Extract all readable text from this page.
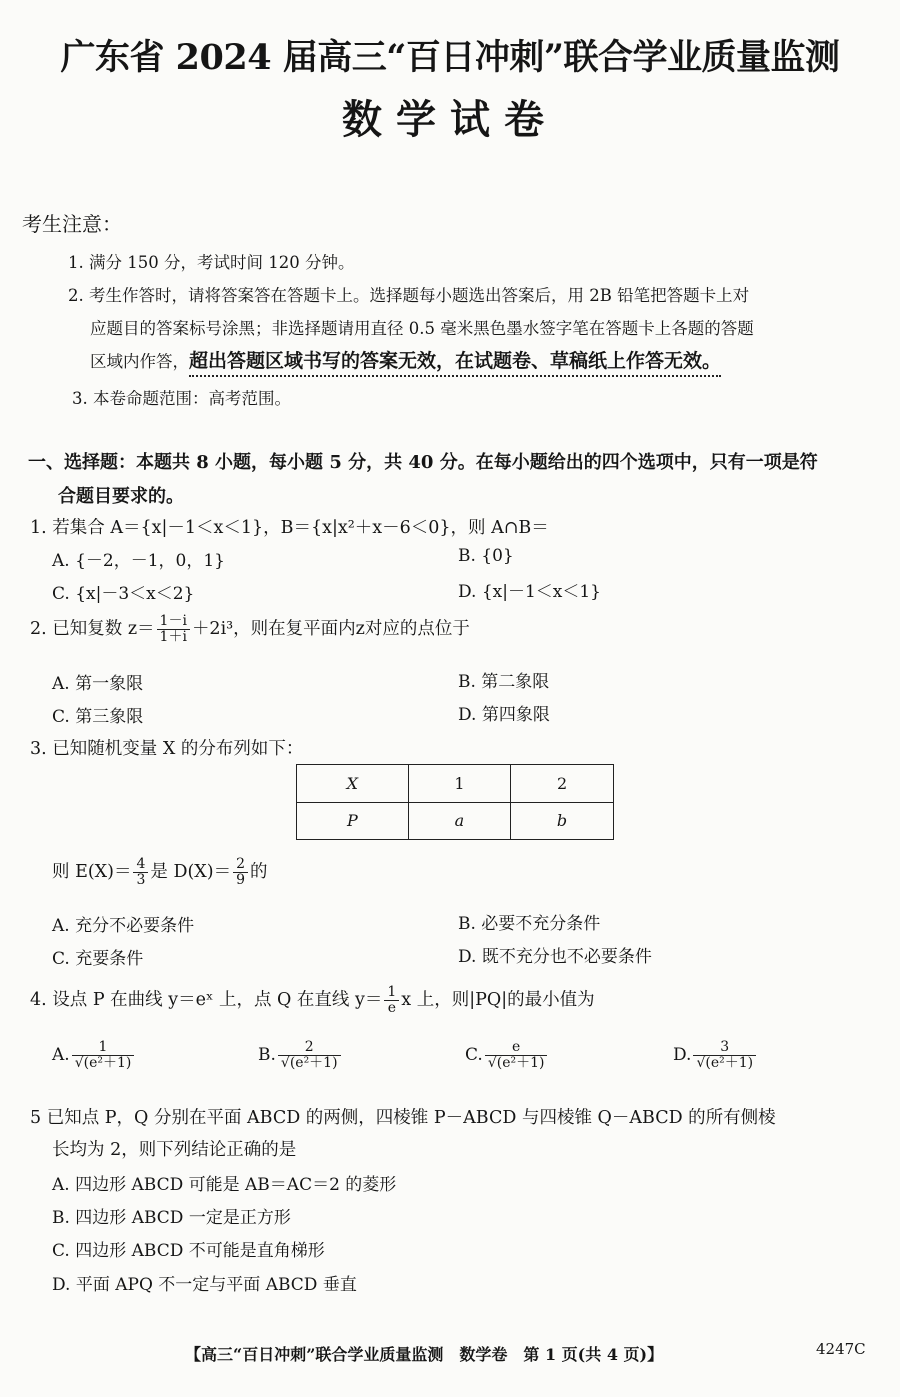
广东省 2024 届高三“百日冲刺”联合学业质量监测
数学试卷
考生注意：
1. 满分 150 分，考试时间 120 分钟。
2. 考生作答时，请将答案答在答题卡上。选择题每小题选出答案后，用 2B 铅笔把答题卡上对
应题目的答案标号涂黑；非选择题请用直径 0.5 毫米黑色墨水签字笔在答题卡上各题的答题
区域内作答，超出答题区域书写的答案无效，在试题卷、草稿纸上作答无效。
3. 本卷命题范围：高考范围。
一、选择题：本题共 8 小题，每小题 5 分，共 40 分。在每小题给出的四个选项中，只有一项是符
合题目要求的。
1. 若集合 A＝{x|－1＜x＜1}，B＝{x|x²＋x－6＜0}，则 A∩B＝
A. {－2，－1，0，1}	B. {0}
C. {x|－3＜x＜2}	D. {x|－1＜x＜1}
2. 已知复数 $z= \frac{1-i}{1+i} +2i^3$，则在复平面内z对应的点位于
A. 第一象限	B. 第二象限
C. 第三象限	D. 第四象限
3. 已知随机变量 X 的分布列如下：
X	1	2
P	a	b
则 $E(X)= \frac{4}{3}$ 是 $D(X)= \frac{2}{9}$ 的
A. 充分不必要条件	B. 必要不充分条件
C. 充要条件	D. 既不充分也不必要条件
4. 设点 P 在曲线 y＝eˣ 上，点 Q 在直线 $y= \frac{1}{e}$ x 上，则|PQ|的最小值为
A. $\frac{1}{\text{√(e²＋1)}}$	B. $\frac{2}{\text{√(e²＋1)}}$	C. $\frac{e}{\text{√(e²＋1)}}$	D. $\frac{3}{\text{√(e²＋1)}}$
5 已知点 P，Q 分别在平面 ABCD 的两侧，四棱锥 P－ABCD 与四棱锥 Q－ABCD 的所有侧棱
长均为 2，则下列结论正确的是
A. 四边形 ABCD 可能是 AB＝AC＝2 的菱形
B. 四边形 ABCD 一定是正方形
C. 四边形 ABCD 不可能是直角梯形
D. 平面 APQ 不一定与平面 ABCD 垂直
【高三“百日冲刺”联合学业质量监测　数学卷　第 1 页(共 4 页)】	4247C
